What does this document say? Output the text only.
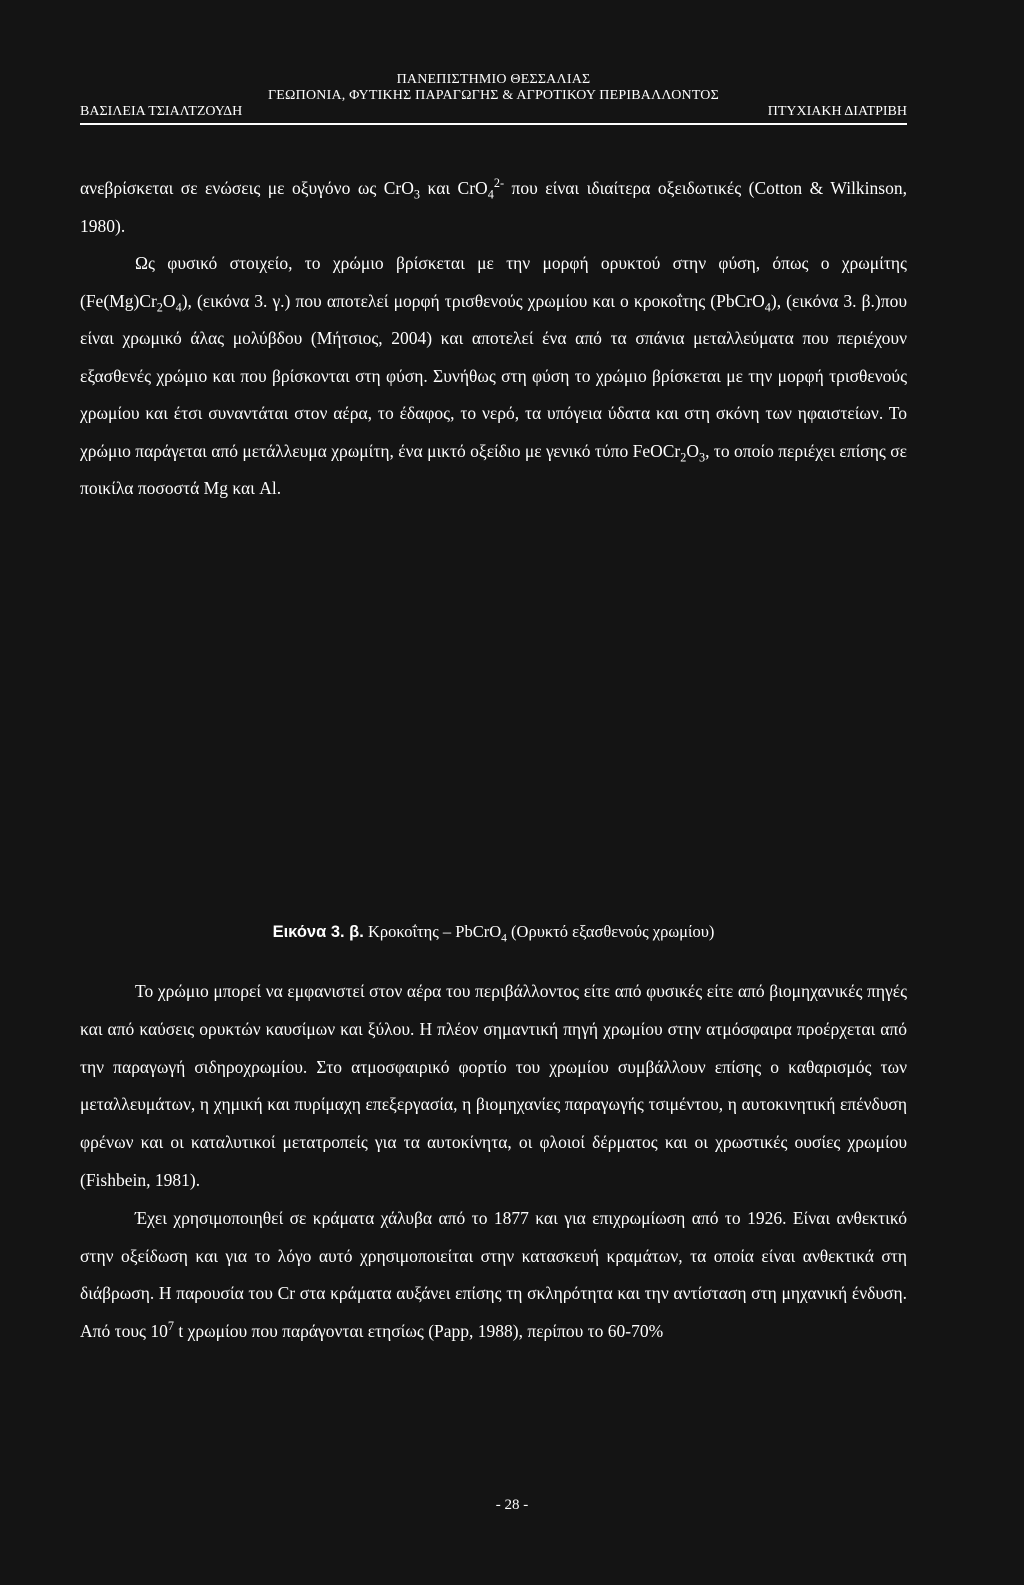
ΠΑΝΕΠΙΣΤΗΜΙΟ ΘΕΣΣΑΛΙΑΣ
ΓΕΩΠΟΝΙΑ, ΦΥΤΙΚΗΣ ΠΑΡΑΓΩΓΗΣ & ΑΓΡΟΤΙΚΟΥ ΠΕΡΙΒΑΛΛΟΝΤΟΣ
ΒΑΣΙΛΕΙΑ ΤΣΙΑΛΤΖΟΥΔΗ	ΠΤΥΧΙΑΚΗ ΔΙΑΤΡΙΒΗ

ανεβρίσκεται σε ενώσεις με οξυγόνο ως CrO$_3$ και CrO$_4^{2-}$ που είναι ιδιαίτερα οξειδωτικές (Cotton & Wilkinson, 1980).

Ως φυσικό στοιχείο, το χρώμιο βρίσκεται με την μορφή ορυκτού στην φύση, όπως ο χρωμίτης $(Fe(Mg)Cr_2O_4)$, (εικόνα 3. γ.) που αποτελεί μορφή τρισθενούς χρωμίου και ο κροκοΐτης (PbCrO$_4$), (εικόνα 3. β.)που είναι χρωμικό άλας μολύβδου (Μήτσιος, 2004) και αποτελεί ένα από τα σπάνια μεταλλεύματα που περιέχουν εξασθενές χρώμιο και που βρίσκονται στη φύση. Συνήθως στη φύση το χρώμιο βρίσκεται με την μορφή τρισθενούς χρωμίου και έτσι συναντάται στον αέρα, το έδαφος, το νερό, τα υπόγεια ύδατα και στη σκόνη των ηφαιστείων. Το χρώμιο παράγεται από μετάλλευμα χρωμίτη, ένα μικτό οξείδιο με γενικό τύπο $FeOCr_2O_3$, το οποίο περιέχει επίσης σε ποικίλα ποσοστά Mg και Al.

Εικόνα 3. β. Κροκοΐτης – PbCrO$_4$ (Ορυκτό εξασθενούς χρωμίου)

Το χρώμιο μπορεί να εμφανιστεί στον αέρα του περιβάλλοντος είτε από φυσικές είτε από βιομηχανικές πηγές και από καύσεις ορυκτών καυσίμων και ξύλου. Η πλέον σημαντική πηγή χρωμίου στην ατμόσφαιρα προέρχεται από την παραγωγή σιδηροχρωμίου. Στο ατμοσφαιρικό φορτίο του χρωμίου συμβάλλουν επίσης ο καθαρισμός των μεταλλευμάτων, η χημική και πυρίμαχη επεξεργασία, η βιομηχανίες παραγωγής τσιμέντου, η αυτοκινητική επένδυση φρένων και οι καταλυτικοί μετατροπείς για τα αυτοκίνητα, οι φλοιοί δέρματος και οι χρωστικές ουσίες χρωμίου (Fishbein, 1981).

Έχει χρησιμοποιηθεί σε κράματα χάλυβα από το 1877 και για επιχρωμίωση από το 1926. Είναι ανθεκτικό στην οξείδωση και για το λόγο αυτό χρησιμοποιείται στην κατασκευή κραμάτων, τα οποία είναι ανθεκτικά στη διάβρωση. Η παρουσία του Cr στα κράματα αυξάνει επίσης τη σκληρότητα και την αντίσταση στη μηχανική ένδυση. Από τους $10^7$ t χρωμίου που παράγονται ετησίως (Papp, 1988), περίπου το 60-70%

- 28 -
